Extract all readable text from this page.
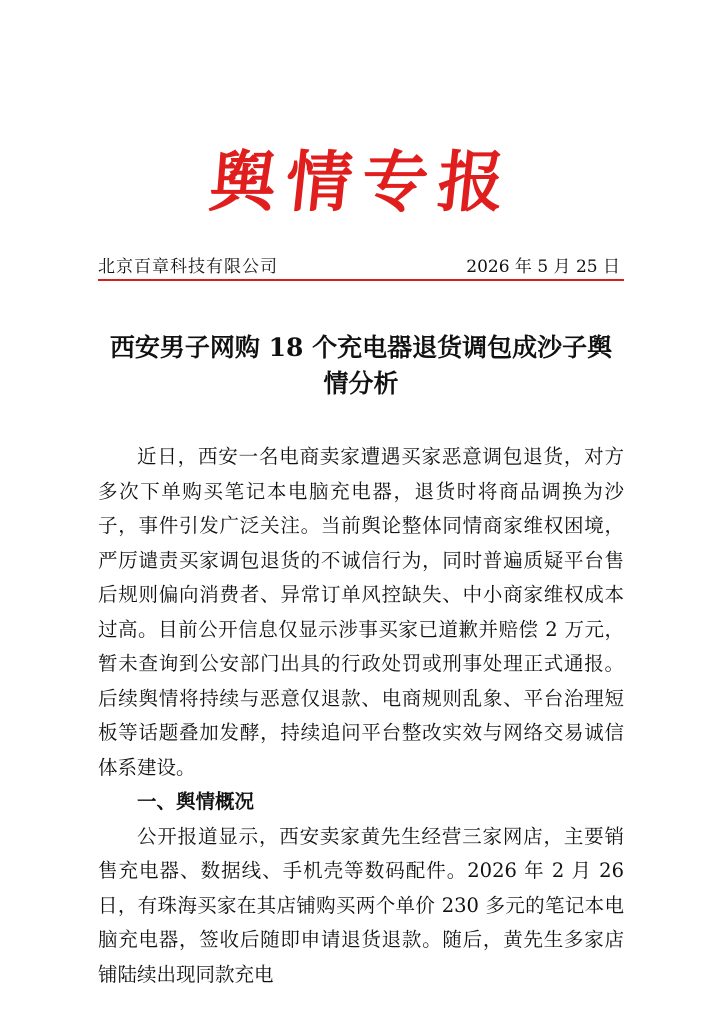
舆情专报
北京百章科技有限公司	2026 年 5 月 25 日
西安男子网购 18 个充电器退货调包成沙子舆情分析

近日，西安一名电商卖家遭遇买家恶意调包退货，对方多次下单购买笔记本电脑充电器，退货时将商品调换为沙子，事件引发广泛关注。当前舆论整体同情商家维权困境，严厉谴责买家调包退货的不诚信行为，同时普遍质疑平台售后规则偏向消费者、异常订单风控缺失、中小商家维权成本过高。目前公开信息仅显示涉事买家已道歉并赔偿 2 万元，暂未查询到公安部门出具的行政处罚或刑事处理正式通报。后续舆情将持续与恶意仅退款、电商规则乱象、平台治理短板等话题叠加发酵，持续追问平台整改实效与网络交易诚信体系建设。

一、舆情概况

公开报道显示，西安卖家黄先生经营三家网店，主要销售充电器、数据线、手机壳等数码配件。2026 年 2 月 26 日，有珠海买家在其店铺购买两个单价 230 多元的笔记本电脑充电器，签收后随即申请退货退款。随后，黄先生多家店铺陆续出现同款充电
